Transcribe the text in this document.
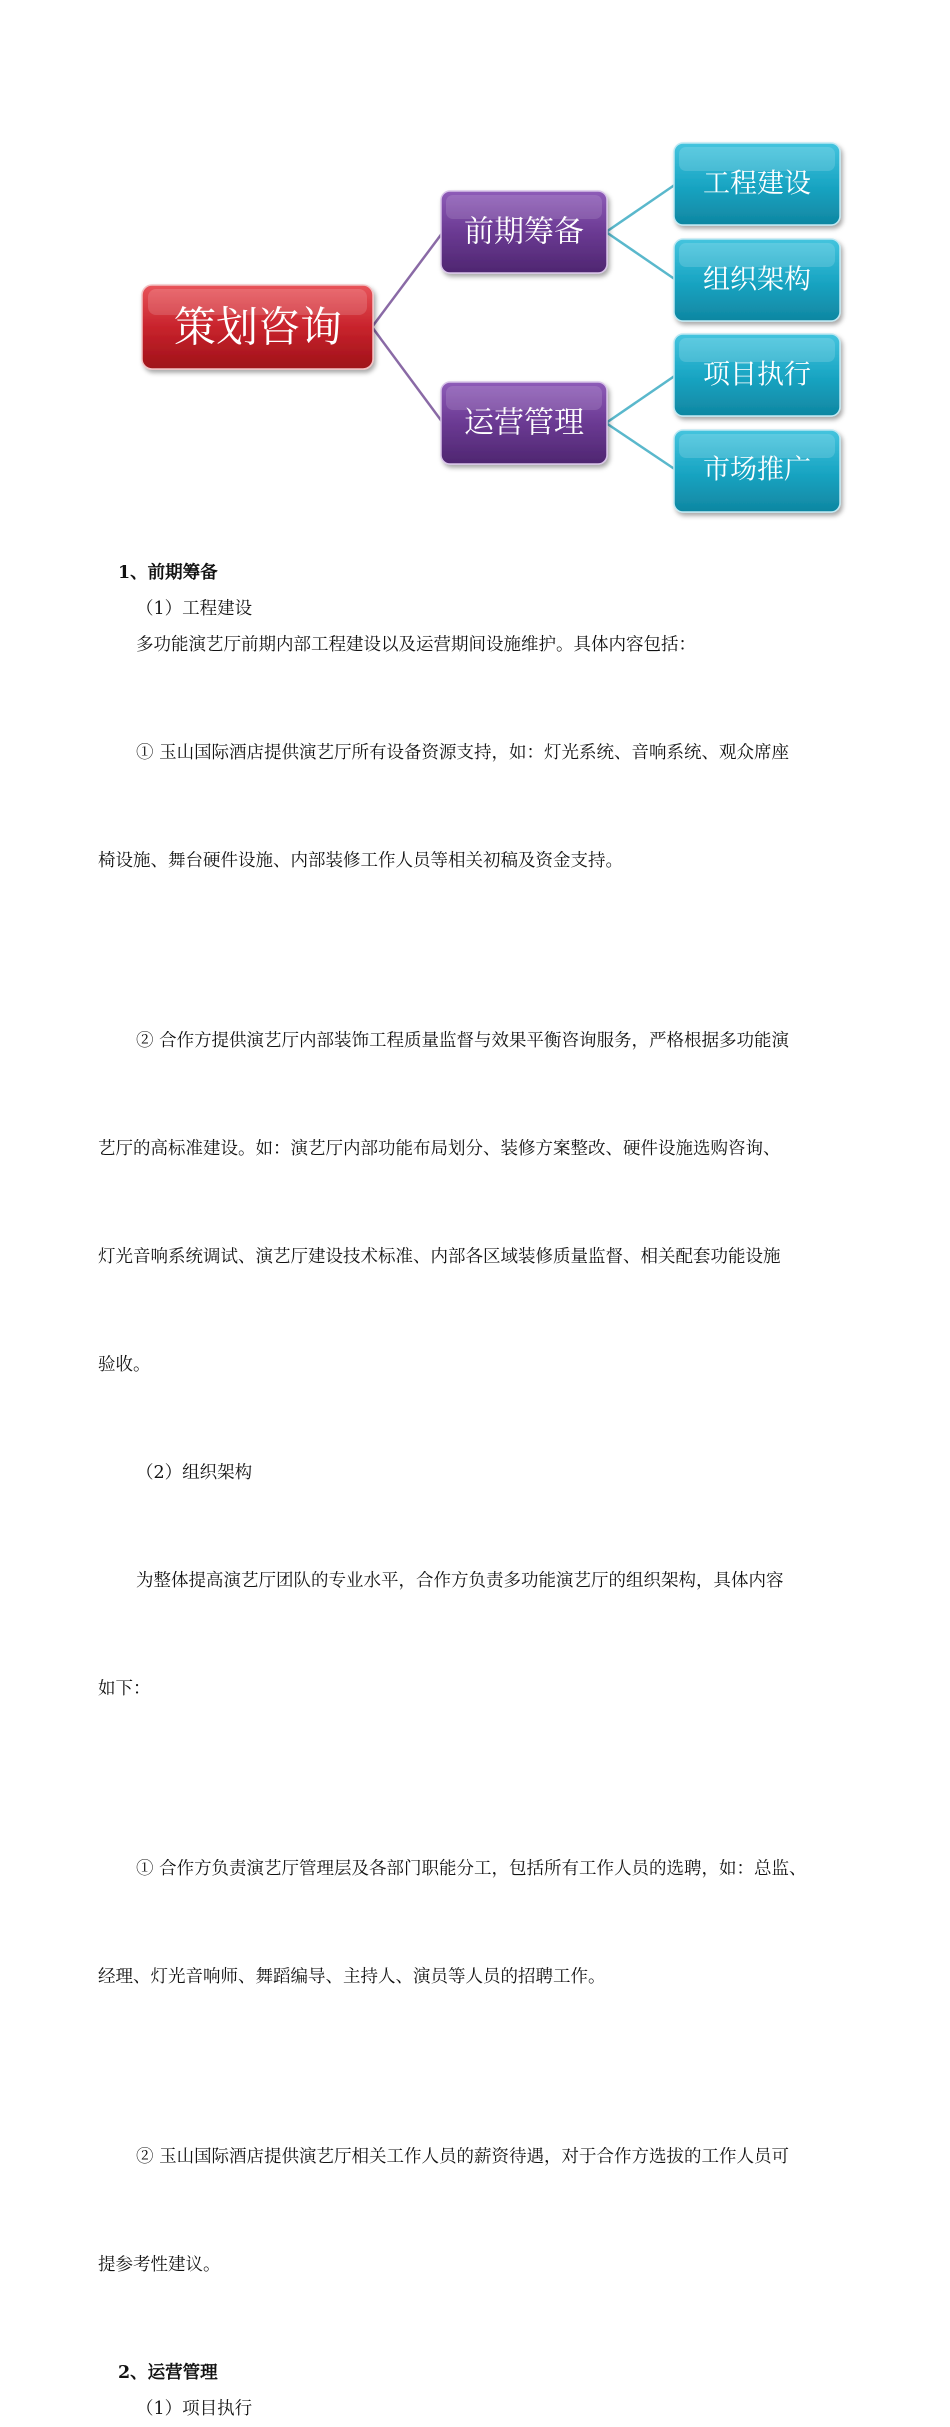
策划咨询
前期筹备
运营管理
工程建设
组织架构
项目执行
市场推广

1、前期筹备

（1）工程建设

多功能演艺厅前期内部工程建设以及运营期间设施维护。具体内容包括：

① 玉山国际酒店提供演艺厅所有设备资源支持，如：灯光系统、音响系统、观众席座

椅设施、舞台硬件设施、内部装修工作人员等相关初稿及资金支持。

② 合作方提供演艺厅内部装饰工程质量监督与效果平衡咨询服务，严格根据多功能演

艺厅的高标准建设。如：演艺厅内部功能布局划分、装修方案整改、硬件设施选购咨询、

灯光音响系统调试、演艺厅建设技术标准、内部各区域装修质量监督、相关配套功能设施

验收。

（2）组织架构

为整体提高演艺厅团队的专业水平，合作方负责多功能演艺厅的组织架构，具体内容

如下：

① 合作方负责演艺厅管理层及各部门职能分工，包括所有工作人员的选聘，如：总监、

经理、灯光音响师、舞蹈编导、主持人、演员等人员的招聘工作。

② 玉山国际酒店提供演艺厅相关工作人员的薪资待遇，对于合作方选拔的工作人员可

提参考性建议。

2、运营管理

（1）项目执行
